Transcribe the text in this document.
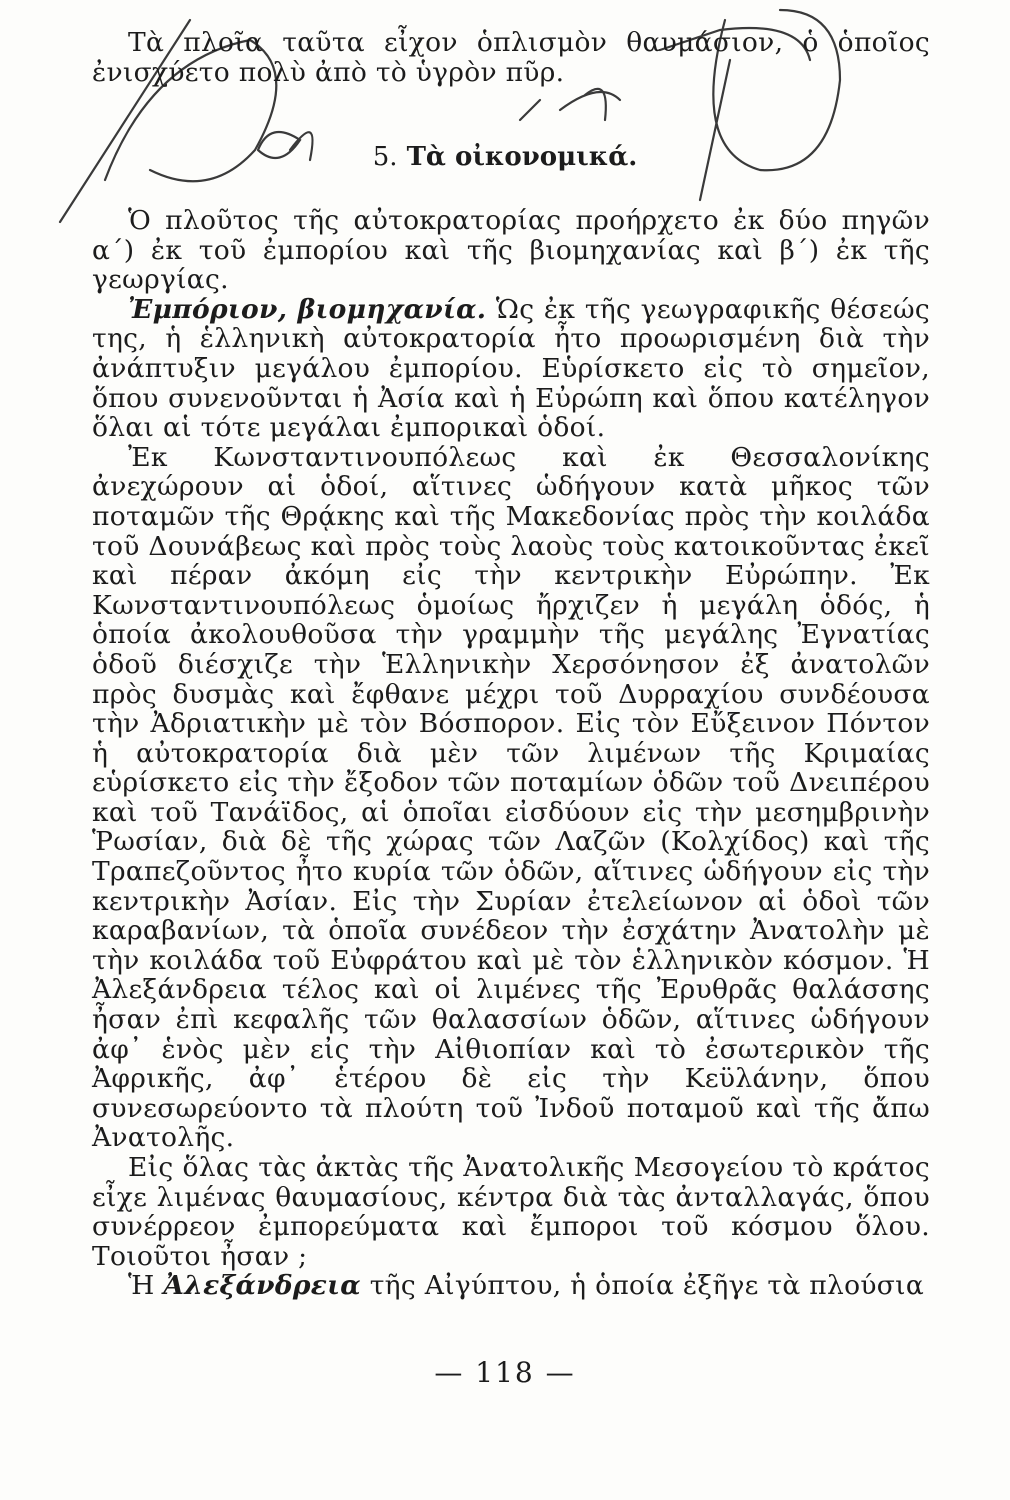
Τὰ πλοῖα ταῦτα εἶχον ὁπλισμὸν θαυμάσιον, ὁ ὁποῖος ἐνισχύετο πολὺ ἀπὸ τὸ ὑγρὸν πῦρ.

5. Τὰ οἰκονομικά.

Ὁ πλοῦτος τῆς αὐτοκρατορίας προήρχετο ἐκ δύο πηγῶν α΄) ἐκ τοῦ ἐμπορίου καὶ τῆς βιομηχανίας καὶ β΄) ἐκ τῆς γεωργίας.

Ἐμπόριον, βιομηχανία. Ὡς ἐκ τῆς γεωγραφικῆς θέσεώς της, ἡ ἑλληνικὴ αὐτοκρατορία ἦτο προωρισμένη διὰ τὴν ἀνάπτυξιν μεγάλου ἐμπορίου. Εὑρίσκετο εἰς τὸ σημεῖον, ὅπου συνενοῦνται ἡ Ἀσία καὶ ἡ Εὐρώπη καὶ ὅπου κατέληγον ὅλαι αἱ τότε μεγάλαι ἐμπορικαὶ ὁδοί.

Ἐκ Κωνσταντινουπόλεως καὶ ἐκ Θεσσαλονίκης ἀνεχώρουν αἱ ὁδοί, αἵτινες ὡδήγουν κατὰ μῆκος τῶν ποταμῶν τῆς Θρᾴκης καὶ τῆς Μακεδονίας πρὸς τὴν κοιλάδα τοῦ Δουνάβεως καὶ πρὸς τοὺς λαοὺς τοὺς κατοικοῦντας ἐκεῖ καὶ πέραν ἀκόμη εἰς τὴν κεντρικὴν Εὐρώπην. Ἐκ Κωνσταντινουπόλεως ὁμοίως ἤρχιζεν ἡ μεγάλη ὁδός, ἡ ὁποία ἀκολουθοῦσα τὴν γραμμὴν τῆς μεγάλης Ἐγνατίας ὁδοῦ διέσχιζε τὴν Ἑλληνικὴν Χερσόνησον ἐξ ἀνατολῶν πρὸς δυσμὰς καὶ ἔφθανε μέχρι τοῦ Δυρραχίου συνδέουσα τὴν Ἀδριατικὴν μὲ τὸν Βόσπορον. Εἰς τὸν Εὔξεινον Πόντον ἡ αὐτοκρατορία διὰ μὲν τῶν λιμένων τῆς Κριμαίας εὑρίσκετο εἰς τὴν ἔξοδον τῶν ποταμίων ὁδῶν τοῦ Δνειπέρου καὶ τοῦ Τανάϊδος, αἱ ὁποῖαι εἰσδύουν εἰς τὴν μεσημβρινὴν Ῥωσίαν, διὰ δὲ τῆς χώρας τῶν Λαζῶν (Κολχίδος) καὶ τῆς Τραπεζοῦντος ἦτο κυρία τῶν ὁδῶν, αἵτινες ὡδήγουν εἰς τὴν κεντρικὴν Ἀσίαν. Εἰς τὴν Συρίαν ἐτελείωνον αἱ ὁδοὶ τῶν καραβανίων, τὰ ὁποῖα συνέδεον τὴν ἐσχάτην Ἀνατολὴν μὲ τὴν κοιλάδα τοῦ Εὐφράτου καὶ μὲ τὸν ἑλληνικὸν κόσμον. Ἡ Ἀλεξάνδρεια τέλος καὶ οἱ λιμένες τῆς Ἐρυθρᾶς θαλάσσης ἦσαν ἐπὶ κεφαλῆς τῶν θαλασσίων ὁδῶν, αἵτινες ὡδήγουν ἀφ᾽ ἑνὸς μὲν εἰς τὴν Αἰθιοπίαν καὶ τὸ ἐσωτερικὸν τῆς Ἀφρικῆς, ἀφ᾽ ἑτέρου δὲ εἰς τὴν Κεϋλάνην, ὅπου συνεσωρεύοντο τὰ πλούτη τοῦ Ἰνδοῦ ποταμοῦ καὶ τῆς ἄπω Ἀνατολῆς.

Εἰς ὅλας τὰς ἀκτὰς τῆς Ἀνατολικῆς Μεσογείου τὸ κράτος εἶχε λιμένας θαυμασίους, κέντρα διὰ τὰς ἀνταλλαγάς, ὅπου συνέρρεον ἐμπορεύματα καὶ ἔμποροι τοῦ κόσμου ὅλου. Τοιοῦτοι ἦσαν ;

Ἡ Ἀλεξάνδρεια τῆς Αἰγύπτου, ἡ ὁποία ἐξῆγε τὰ πλούσια

— 118 —
